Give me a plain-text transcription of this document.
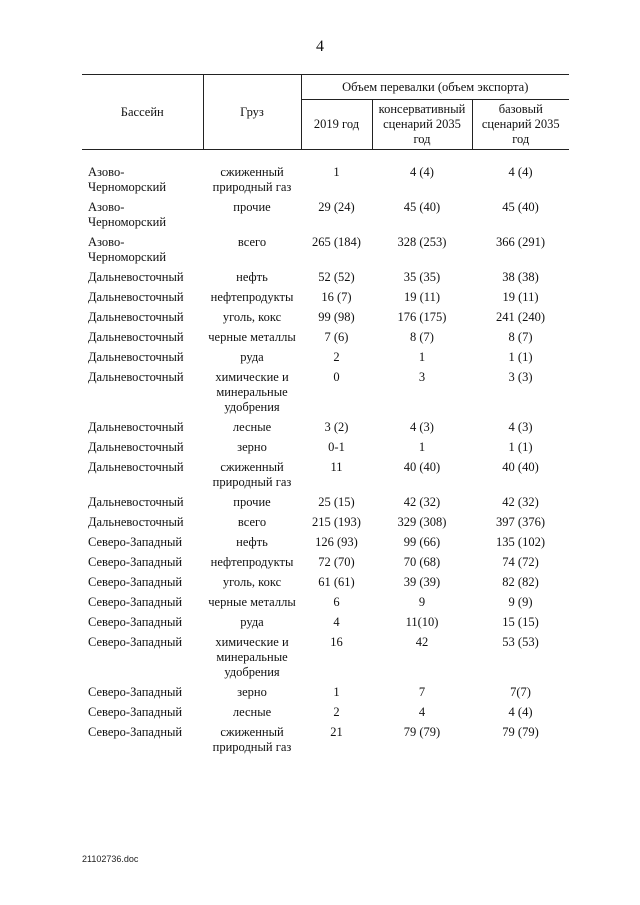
4
Бассейн	Груз	Объем перевалки (объем экспорта)		
		2019 год	консервативный сценарий 2035 год	базовый сценарий 2035 год

Азово-Черноморский	сжиженный природный газ	1	4 (4)	4 (4)
Азово-Черноморский	прочие	29 (24)	45 (40)	45 (40)
Азово-Черноморский	всего	265 (184)	328 (253)	366 (291)
Дальневосточный	нефть	52 (52)	35 (35)	38 (38)
Дальневосточный	нефтепродукты	16 (7)	19 (11)	19 (11)
Дальневосточный	уголь, кокс	99 (98)	176 (175)	241 (240)
Дальневосточный	черные металлы	7 (6)	8 (7)	8 (7)
Дальневосточный	руда	2	1	1 (1)
Дальневосточный	химические и минеральные удобрения	0	3	3 (3)
Дальневосточный	лесные	3 (2)	4 (3)	4 (3)
Дальневосточный	зерно	0-1	1	1 (1)
Дальневосточный	сжиженный природный газ	11	40 (40)	40 (40)
Дальневосточный	прочие	25 (15)	42 (32)	42 (32)
Дальневосточный	всего	215 (193)	329 (308)	397 (376)
Северо-Западный	нефть	126 (93)	99 (66)	135 (102)
Северо-Западный	нефтепродукты	72 (70)	70 (68)	74 (72)
Северо-Западный	уголь, кокс	61 (61)	39 (39)	82 (82)
Северо-Западный	черные металлы	6	9	9 (9)
Северо-Западный	руда	4	11(10)	15 (15)
Северо-Западный	химические и минеральные удобрения	16	42	53 (53)
Северо-Западный	зерно	1	7	7(7)
Северо-Западный	лесные	2	4	4 (4)
Северо-Западный	сжиженный природный газ	21	79 (79)	79 (79)
21102736.doc
